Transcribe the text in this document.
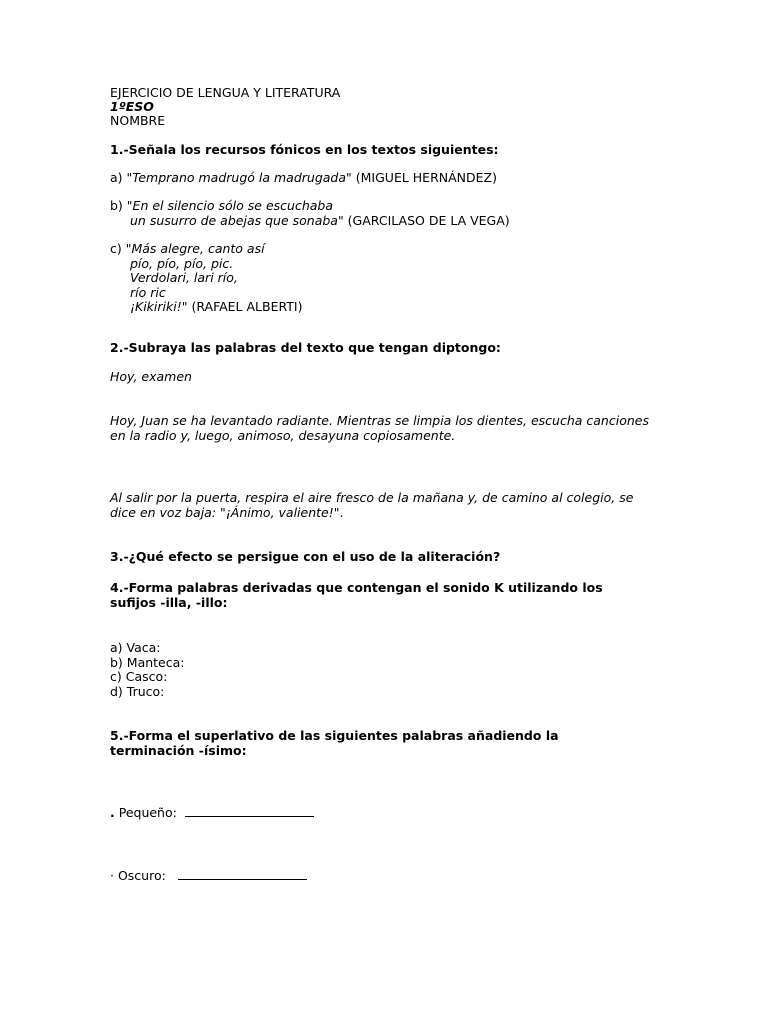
EJERCICIO DE LENGUA Y LITERATURA
1ºESO
NOMBRE
1.-Señala los recursos fónicos en los textos siguientes:
a) "Temprano madrugó la madrugada" (MIGUEL HERNÁNDEZ)
b) "En el silencio sólo se escuchaba
un susurro de abejas que sonaba" (GARCILASO DE LA VEGA)
c) "Más alegre, canto así
pío, pío, pío, pic.
Verdolari, lari río,
río ric
¡Kikiriki!" (RAFAEL ALBERTI)
2.-Subraya las palabras del texto que tengan diptongo:
Hoy, examen
Hoy, Juan se ha levantado radiante. Mientras se limpia los dientes, escucha canciones en la radio y, luego, animoso, desayuna copiosamente.
Al salir por la puerta, respira el aire fresco de la mañana y, de camino al colegio, se dice en voz baja: "¡Ánimo, valiente!".
3.-¿Qué efecto se persigue con el uso de la aliteración?
4.-Forma palabras derivadas que contengan el sonido K utilizando los sufijos -illa, -illo:
a) Vaca:
b) Manteca:
c) Casco:
d) Truco:
5.-Forma el superlativo de las siguientes palabras añadiendo la terminación -ísimo:
. Pequeño:
· Oscuro:
